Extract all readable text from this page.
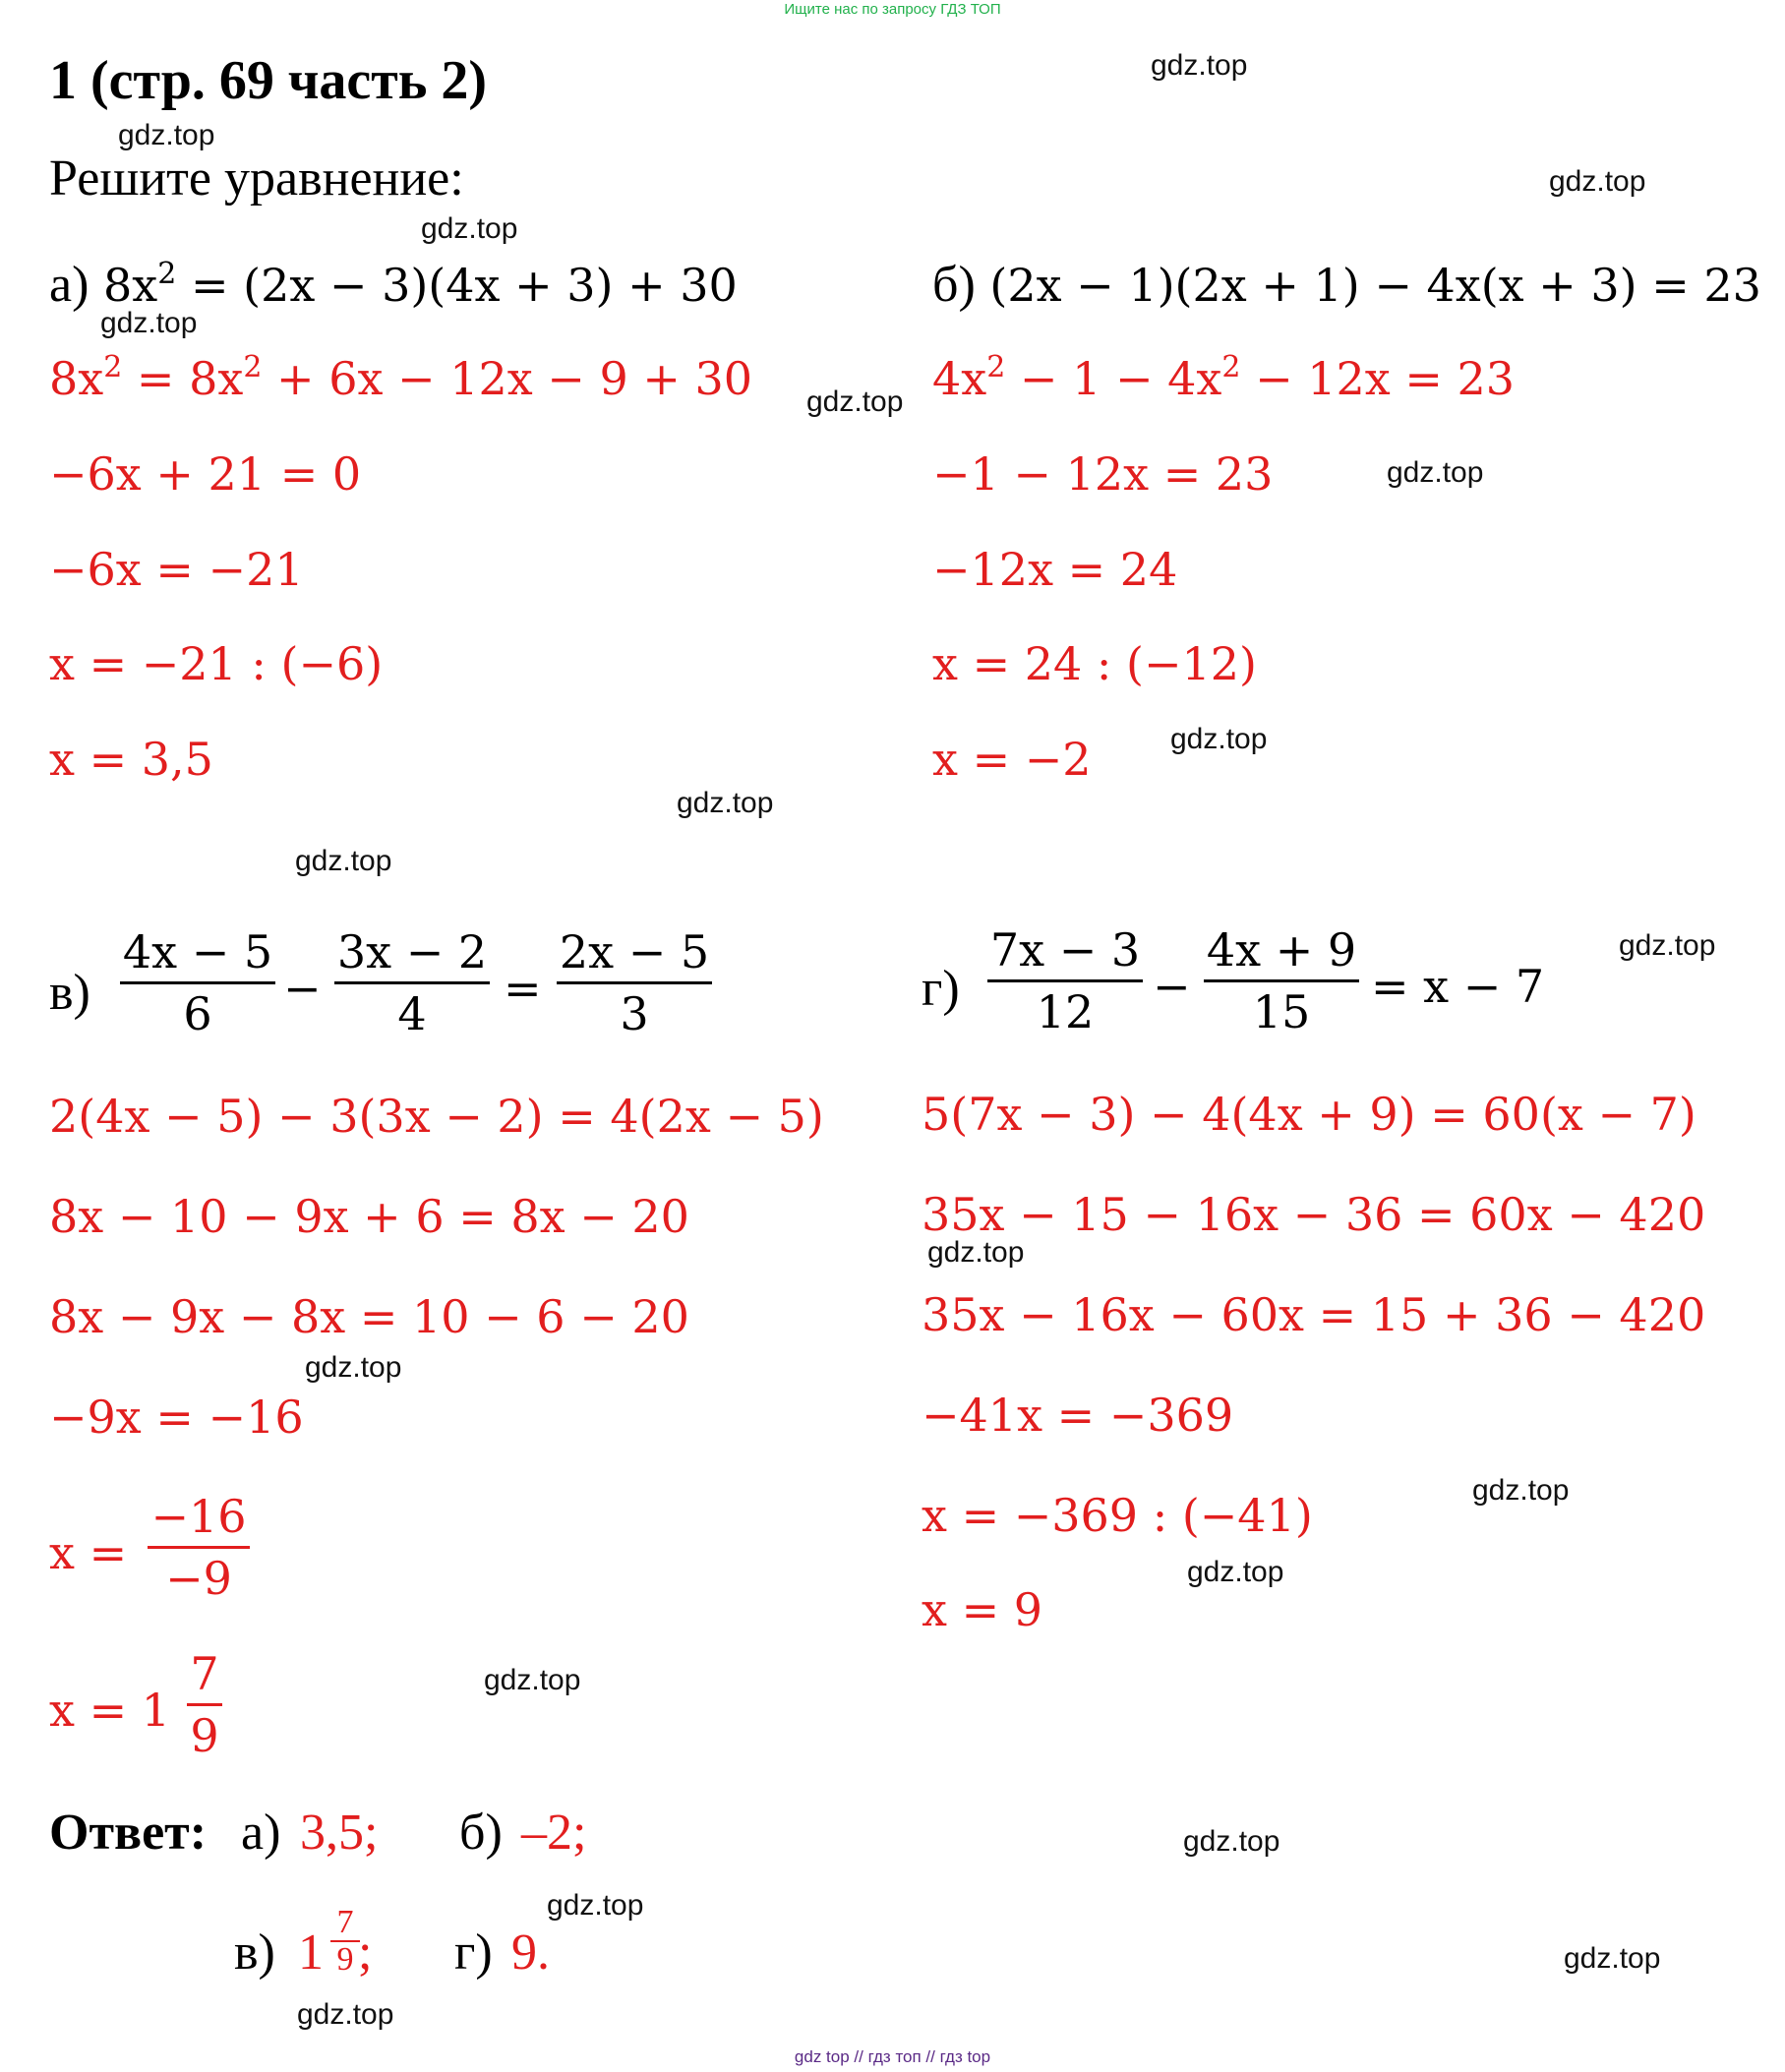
Ищите нас по запросу ГДЗ ТОП
1 (стр. 69 часть 2)
Решите уравнение:
gdz.top
gdz.top
gdz.top
gdz.top
gdz.top
gdz.top
gdz.top
gdz.top
gdz.top
gdz.top
gdz.top
gdz.top
gdz.top
gdz.top
gdz.top
gdz.top
gdz.top
gdz.top
gdz.top
gdz.top
а) $8x^2 = (2x - 3)(4x + 3) + 30$
$8x^2 = 8x^2 + 6x - 12x - 9 + 30$
−6x + 21 = 0
−6x = −21
x = −21 : (−6)
x = 3,5
б) (2x − 1)(2x + 1) − 4x(x + 3) = 23
$4x^2 - 1 - 4x^2 - 12x = 23$
−1 − 12x = 23
−12x = 24
x = 24 : (−12)
x = −2
в)
4x − 5
6	−
3x − 2
4	=
2x − 5
3
2(4x − 5) − 3(3x − 2) = 4(2x − 5)
8x − 10 − 9x + 6 = 8x − 20
8x − 9x − 8x = 10 − 6 − 20
−9x = −16
x =
−16
−9
x = 1
7
9
г)
7x − 3
12	−
4x + 9
15	= x − 7
5(7x − 3) − 4(4x + 9) = 60(x − 7)
35x − 15 − 16x − 36 = 60x − 420
35x − 16x − 60x = 15 + 36 − 420
−41x = −369
x = −369 : (−41)
x = 9
Ответ: а) 3,5; б) –2;
в) 1
7
9 ; г) 9.
gdz top // гдз топ // гдз top
